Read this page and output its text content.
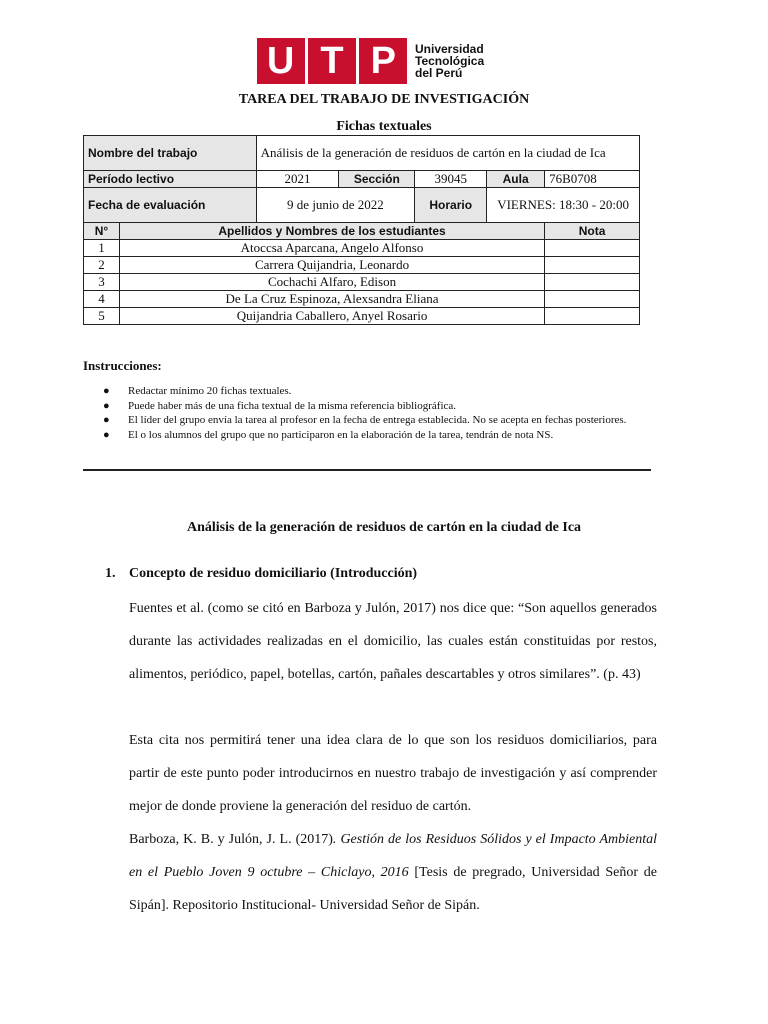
U T P	Universidad
Tecnológica
del Perú
TAREA DEL TRABAJO DE INVESTIGACIÓN
Fichas textuales
Nombre del trabajo		Análisis de la generación de residuos de cartón en la ciudad de Ica				
Período lectivo		2021	Sección	39045	Aula	76B0708
Fecha de evaluación		9 de junio de 2022		Horario	VIERNES: 18:30 - 20:00	
N°	Apellidos y Nombres de los estudiantes					Nota
1	Atoccsa Aparcana, Angelo Alfonso					
2	Carrera Quijandria, Leonardo					
3	Cochachi Alfaro, Edison					
4	De La Cruz Espinoza, Alexsandra Eliana					
5	Quijandria Caballero, Anyel Rosario					
Instrucciones:
● Redactar mínimo 20 fichas textuales.
● Puede haber más de una ficha textual de la misma referencia bibliográfica.
● El líder del grupo envía la tarea al profesor en la fecha de entrega establecida. No se acepta en fechas posteriores.
● El o los alumnos del grupo que no participaron en la elaboración de la tarea, tendrán de nota NS.
Análisis de la generación de residuos de cartón en la ciudad de Ica
1. Concepto de residuo domiciliario (Introducción)

Fuentes et al. (como se citó en Barboza y Julón, 2017) nos dice que: “Son aquellos generados durante las actividades realizadas en el domicilio, las cuales están constituidas por restos, alimentos, periódico, papel, botellas, cartón, pañales descartables y otros similares”. (p. 43)

Esta cita nos permitirá tener una idea clara de lo que son los residuos domiciliarios, para partir de este punto poder introducirnos en nuestro trabajo de investigación y así comprender mejor de donde proviene la generación del residuo de cartón.

Barboza, K. B. y Julón, J. L. (2017). Gestión de los Residuos Sólidos y el Impacto Ambiental en el Pueblo Joven 9 octubre – Chiclayo, 2016 [Tesis de pregrado, Universidad Señor de Sipán]. Repositorio Institucional- Universidad Señor de Sipán.
